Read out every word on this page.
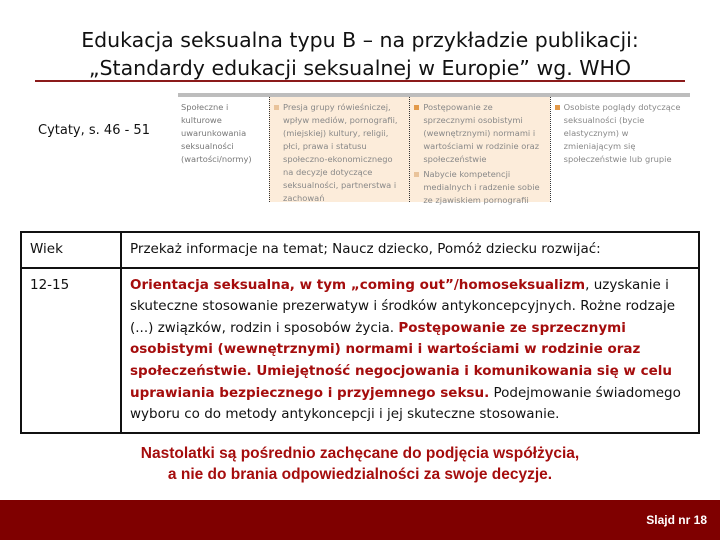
Edukacja seksualna typu B – na przykładzie publikacji:
„Standardy edukacji seksualnej w Europie” wg. WHO
Cytaty, s. 46 - 51
Społeczne i kulturowe uwarunkowania seksualności (wartości/normy)
Presja grupy rówieśniczej, wpływ mediów, pornografii, (miejskiej) kultury, religii, płci, prawa i statusu społeczno-ekonomicznego na decyzje dotyczące seksualności, partnerstwa i zachowań
Postępowanie ze sprzecznymi osobistymi (wewnętrznymi) normami i wartościami w rodzinie oraz społeczeństwie
Nabycie kompetencji medialnych i radzenie sobie ze zjawiskiem pornografii
Osobiste poglądy dotyczące seksualności (bycie elastycznym) w zmieniającym się społeczeństwie lub grupie
Wiek	Przekaż informacje na temat; Naucz dziecko, Pomóż dziecku rozwijać:
12-15	Orientacja seksualna, w tym „coming out”/homoseksualizm, uzyskanie i skuteczne stosowanie prezerwatyw i środków antykoncepcyjnych. Rożne rodzaje (...) związków, rodzin i sposobów życia. Postępowanie ze sprzecznymi osobistymi (wewnętrznymi) normami i wartościami w rodzinie oraz społeczeństwie. Umiejętność negocjowania i komunikowania się w celu uprawiania bezpiecznego i przyjemnego seksu. Podejmowanie świadomego wyboru co do metody antykoncepcji i jej skuteczne stosowanie.
Nastolatki są pośrednio zachęcane do podjęcia współżycia,
a nie do brania odpowiedzialności za swoje decyzje.
Slajd nr 18
